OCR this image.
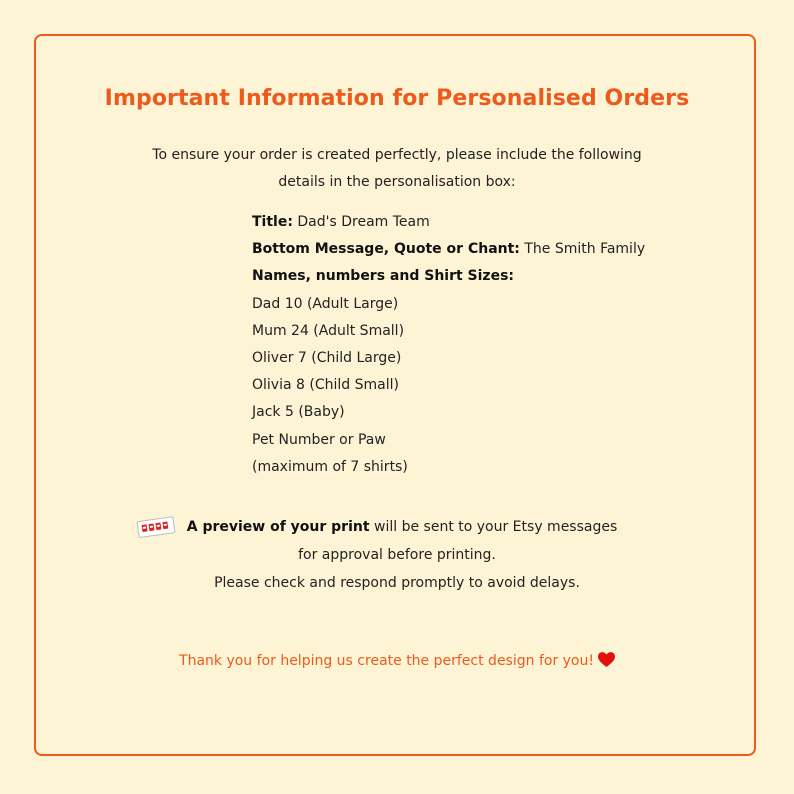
Important Information for Personalised Orders
To ensure your order is created perfectly, please include the following
details in the personalisation box:
Title: Dad's Dream Team
Bottom Message, Quote or Chant: The Smith Family
Names, numbers and Shirt Sizes:
Dad 10 (Adult Large)
Mum 24 (Adult Small)
Oliver 7 (Child Large)
Olivia 8 (Child Small)
Jack 5 (Baby)
Pet Number or Paw
(maximum of 7 shirts)
A preview of your print will be sent to your Etsy messages
for approval before printing.
Please check and respond promptly to avoid delays.
Thank you for helping us create the perfect design for you!
